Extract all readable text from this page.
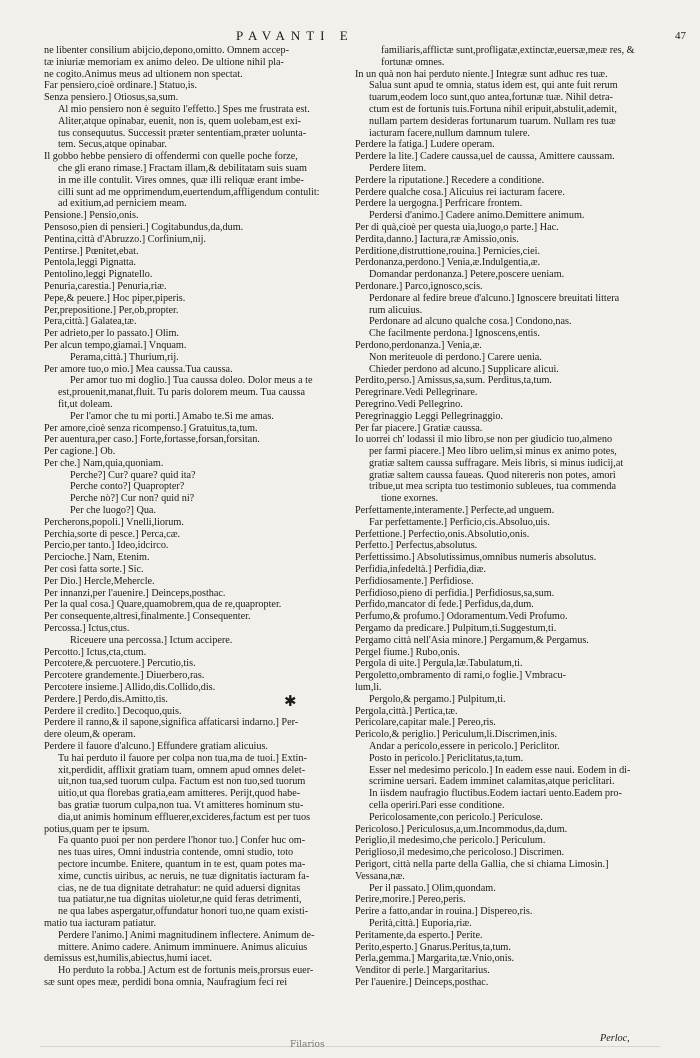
PAVANTI E	47
ne libenter consilium abijcio,depono,omitto. Omnem accep-
tæ iniuriæ memoriam ex animo deleo. De ultione nihil pla-
ne cogito.Animus meus ad ultionem non spectat.
Far pensiero,cioè ordinare.] Statuo,is.
Senza pensiero.] Otiosus,sa,sum.
Al mio pensiero non è seguito l'effetto.] Spes me frustrata est.
Aliter,atque opinabar, euenit, non is, quem uolebam,est exi-
tus consequutus. Successit præter sententiam,præter uolunta-
tem. Secus,atque opinabar.
Il gobbo hebbe pensiero di offendermi con quelle poche forze,
che gli erano rimase.] Fractam illam,& debilitatam suis suam
in me ille contulit. Vires omnes, quæ illi reliquæ erant imbe-
cilli sunt ad me opprimendum,euertendum,affligendum contulit:
ad exitium,ad perniciem meam.
Pensione.] Pensio,onis.
Pensoso,pien di pensieri.] Cogitabundus,da,dum.
Pentina,città d'Abruzzo.] Corfinium,nij.
Pentirse.] Pœnitet,ebat.
Pentola,leggi Pignatta.
Pentolino,leggi Pignatello.
Penuria,carestia.] Penuria,riæ.
Pepe,& peuere.] Hoc piper,piperis.
Per,prepositione.] Per,ob,propter.
Pera,città.] Galatea,tæ.
Per adrieto,per lo passato.] Olim.
Per alcun tempo,giamai.] Vnquam.
Perama,città.] Thurium,rij.
Per amore tuo,o mio.] Mea caussa.Tua caussa.
Per amor tuo mi doglio.] Tua caussa doleo. Dolor meus a te
est,prouenit,manat,fluit. Tu paris dolorem meum. Tua caussa
fit,ut doleam.
Per l'amor che tu mi porti.] Amabo te.Si me amas.
Per amore,cioè senza ricompenso.] Gratuitus,ta,tum.
Per auentura,per caso.] Forte,fortasse,forsan,forsitan.
Per cagione.] Ob.
Per che.] Nam,quia,quoniam.
Perche?] Cur? quare? quid ita?
Perche conto?] Quapropter?
Perche nò?] Cur non? quid ni?
Per che luogo?] Qua.
Percherons,popoli.] Vnelli,liorum.
Perchia,sorte di pesce.] Perca,cæ.
Percio,per tanto.] Ideo,idcirco.
Percioche.] Nam, Etenim.
Per così fatta sorte.] Sic.
Per Dio.] Hercle,Mehercle.
Per innanzi,per l'auenire.] Deinceps,posthac.
Per la qual cosa.] Quare,quamobrem,qua de re,quapropter.
Per consequente,altresì,finalmente.] Consequenter.
Percossa.] Ictus,ctus.
Riceuere una percossa.] Ictum accipere.
Percotto.] Ictus,cta,ctum.
Percotere,& percuotere.] Percutio,tis.
Percotere grandemente.] Diuerbero,ras.
Percotere insieme.] Allido,dis.Collido,dis.
Perdere.] Perdo,dis.Amitto,tis.
Perdere il credito.] Decoquo,quis.
Perdere il ranno,& il sapone,significa affaticarsi indarno.] Per-
dere oleum,& operam.
Perdere il fauore d'alcuno.] Effundere gratiam alicuius.
Tu hai perduto il fauore per colpa non tua,ma de tuoi.] Extin-
xit,perdidit, afflixit gratiam tuam, omnem apud omnes delet-
uit,non tua,sed tuorum culpa. Factum est non tuo,sed tuorum
uitio,ut qua florebas gratia,eam amitteres. Perijt,quod habe-
bas gratiæ tuorum culpa,non tua. Vt amitteres hominum stu-
dia,ut animis hominum effluerer,excideres,factum est per tuos
potius,quam per te ipsum.
Fa quanto puoi per non perdere l'honor tuo.] Confer huc om-
nes tuas uires, Omni industria contende, omni studio, toto
pectore incumbe. Enitere, quantum in te est, quam potes ma-
xime, cunctis uiribus, ac neruis, ne tuæ dignitatis iacturam fa-
cias, ne de tua dignitate detrahatur: ne quid aduersi dignitas
tua patiatur,ne tua dignitas uioletur,ne quid feras detrimenti,
ne qua labes aspergatur,offundatur honori tuo,ne quam existi-
matio tua iacturam patiatur.
Perdere l'animo.] Animi magnitudinem inflectere. Animum de-
mittere. Animo cadere. Animum imminuere. Animus alicuius
demissus est,humilis,abiectus,humi iacet.
Ho perduto la robba.] Actum est de fortunis meis,prorsus euer-
sæ sunt opes meæ, perdidi bona omnia, Naufragium feci rei
familiaris,afflictæ sunt,profligatæ,extinctæ,euersæ,meæ res, &
fortunæ omnes.
In un quà non hai perduto niente.] Integræ sunt adhuc res tuæ.
Salua sunt apud te omnia, status idem est, qui ante fuit rerum
tuarum,eodem loco sunt,quo antea,fortunæ tuæ. Nihil detra-
ctum est de fortunis tuis.Fortuna nihil eripuit,abstulit,ademit,
nullam partem desideras fortunarum tuarum. Nullam res tuæ
iacturam facere,nullum damnum tulere.
Perdere la fatiga.] Ludere operam.
Perdere la lite.] Cadere caussa,uel de caussa, Amittere caussam.
Perdere litem.
Perdere la riputatione.] Recedere a conditione.
Perdere qualche cosa.] Alicuius rei iacturam facere.
Perdere la uergogna.] Perfricare frontem.
Perdersi d'animo.] Cadere animo.Demittere animum.
Per di quà,cioè per questa uia,luogo,o parte.] Hac.
Perdita,danno.] Iactura,ræ Amissio,onis.
Perditione,distruttione,rouina.] Pernicies,ciei.
Perdonanza,perdono.] Venia,æ.Indulgentia,æ.
Domandar perdonanza.] Petere,poscere ueniam.
Perdonare.] Parco,ignosco,scis.
Perdonare al fedire breue d'alcuno.] Ignoscere breuitati littera
rum alicuius.
Perdonare ad alcuno qualche cosa.] Condono,nas.
Che facilmente perdona.] Ignoscens,entis.
Perdono,perdonanza.] Venia,æ.
Non meriteuole di perdono.] Carere uenia.
Chieder perdono ad alcuno.] Supplicare alicui.
Perdito,perso.] Amissus,sa,sum. Perditus,ta,tum.
Peregrinare.Vedi Pellegrinare.
Peregrino.Vedi Pellegrino.
Peregrinaggio Leggi Pellegrinaggio.
Per far piacere.] Gratiæ caussa.
Io uorrei ch' lodassi il mio libro,se non per giudicio tuo,almeno
per farmi piacere.] Meo libro uelim,si minus ex animo potes,
gratiæ saltem caussa suffragare. Meis libris, si minus iudicij,at
gratiæ saltem caussa faueas. Quod nitereris non potes, amori
tribue,ut mea scripta tuo testimonio subleues, tua commenda
tione exornes.
Perfettamente,interamente.] Perfecte,ad unguem.
Far perfettamente.] Perficio,cis.Absoluo,uis.
Perfettione.] Perfectio,onis.Absolutio,onis.
Perfetto.] Perfectus,absolutus.
Perfettissimo.] Absolutissimus,omnibus numeris absolutus.
Perfidia,infedeltà.] Perfidia,diæ.
Perfidiosamente.] Perfidiose.
Perfidioso,pieno di perfidia.] Perfidiosus,sa,sum.
Perfido,mancator di fede.] Perfidus,da,dum.
Perfumo,& profumo.] Odoramentum.Vedi Profumo.
Pergamo da predicare.] Pulpitum,ti.Suggestum,ti.
Pergamo città nell'Asia minore.] Pergamum,& Pergamus.
Pergel fiume.] Rubo,onis.
Pergola di uite.] Pergula,læ.Tabulatum,ti.
Pergoletto,ombramento di rami,o foglie.] Vmbracu-
lum,li.
Pergolo,& pergamo.] Pulpitum,ti.
Pergola,città.] Pertica,tæ.
Pericolare,capitar male.] Pereo,ris.
Pericolo,& periglio.] Periculum,li.Discrimen,inis.
Andar a pericolo,essere in pericolo.] Periclitor.
Posto in pericolo.] Periclitatus,ta,tum.
Esser nel medesimo pericolo.] In eadem esse naui. Eodem in di-
scrimine uersari. Eadem imminet calamitas,atque periclitari.
In iisdem naufragio fluctibus.Eodem iactari uento.Eadem pro-
cella operiri.Pari esse conditione.
Pericolosamente,con pericolo.] Periculose.
Pericoloso.] Periculosus,a,um.Incommodus,da,dum.
Periglio,il medesimo,che pericolo.] Periculum.
Periglioso,il medesimo,che pericoloso.] Discrimen.
Perigort, città nella parte della Gallia, che si chiama Limosin.]
Vessana,næ.
Per il passato.] Olim,quondam.
Perire,morire.] Pereo,peris.
Perire a fatto,andar in rouina.] Dispereo,ris.
Perità,città.] Euporia,riæ.
Peritamente,da esperto.] Perite.
Perito,esperto.] Gnarus.Peritus,ta,tum.
Perla,gemma.] Margarita,tæ.Vnio,onis.
Venditor di perle.] Margaritarius.
Per l'auenire.] Deinceps,posthac.
✱
Filarios
Perloc,
